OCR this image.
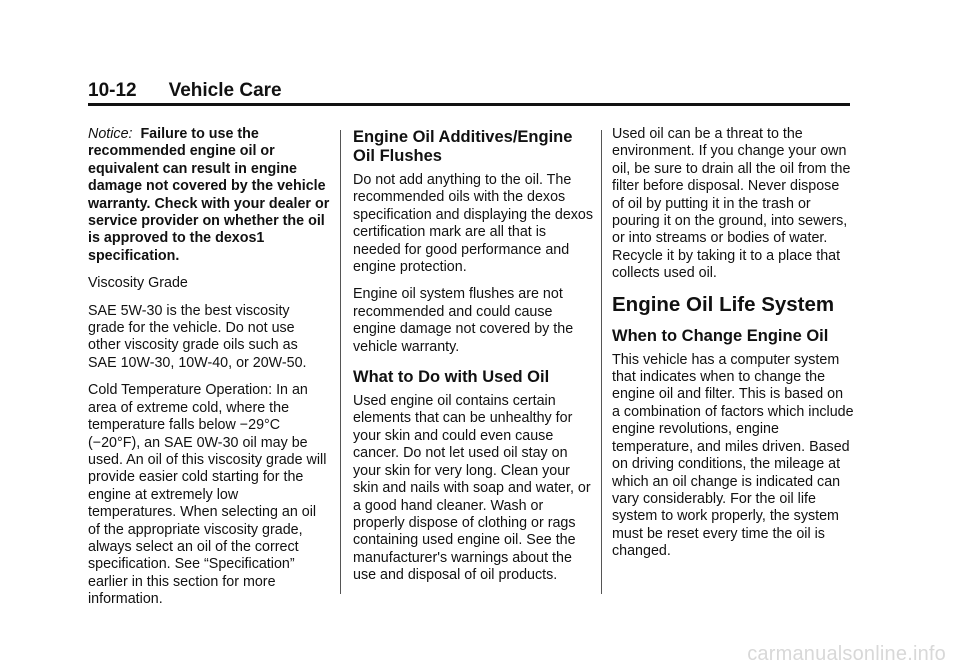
10-12 Vehicle Care

Notice: Failure to use the recommended engine oil or equivalent can result in engine damage not covered by the vehicle warranty. Check with your dealer or service provider on whether the oil is approved to the dexos1 specification.

Viscosity Grade

SAE 5W-30 is the best viscosity grade for the vehicle. Do not use other viscosity grade oils such as SAE 10W-30, 10W-40, or 20W-50.

Cold Temperature Operation: In an area of extreme cold, where the temperature falls below −29°C (−20°F), an SAE 0W-30 oil may be used. An oil of this viscosity grade will provide easier cold starting for the engine at extremely low temperatures. When selecting an oil of the appropriate viscosity grade, always select an oil of the correct specification. See “Specification” earlier in this section for more information.

Engine Oil Additives/Engine Oil Flushes

Do not add anything to the oil. The recommended oils with the dexos specification and displaying the dexos certification mark are all that is needed for good performance and engine protection.

Engine oil system flushes are not recommended and could cause engine damage not covered by the vehicle warranty.

What to Do with Used Oil

Used engine oil contains certain elements that can be unhealthy for your skin and could even cause cancer. Do not let used oil stay on your skin for very long. Clean your skin and nails with soap and water, or a good hand cleaner. Wash or properly dispose of clothing or rags containing used engine oil. See the manufacturer's warnings about the use and disposal of oil products.

Used oil can be a threat to the environment. If you change your own oil, be sure to drain all the oil from the filter before disposal. Never dispose of oil by putting it in the trash or pouring it on the ground, into sewers, or into streams or bodies of water. Recycle it by taking it to a place that collects used oil.

Engine Oil Life System
When to Change Engine Oil

This vehicle has a computer system that indicates when to change the engine oil and filter. This is based on a combination of factors which include engine revolutions, engine temperature, and miles driven. Based on driving conditions, the mileage at which an oil change is indicated can vary considerably. For the oil life system to work properly, the system must be reset every time the oil is changed.

carmanualsonline.info
